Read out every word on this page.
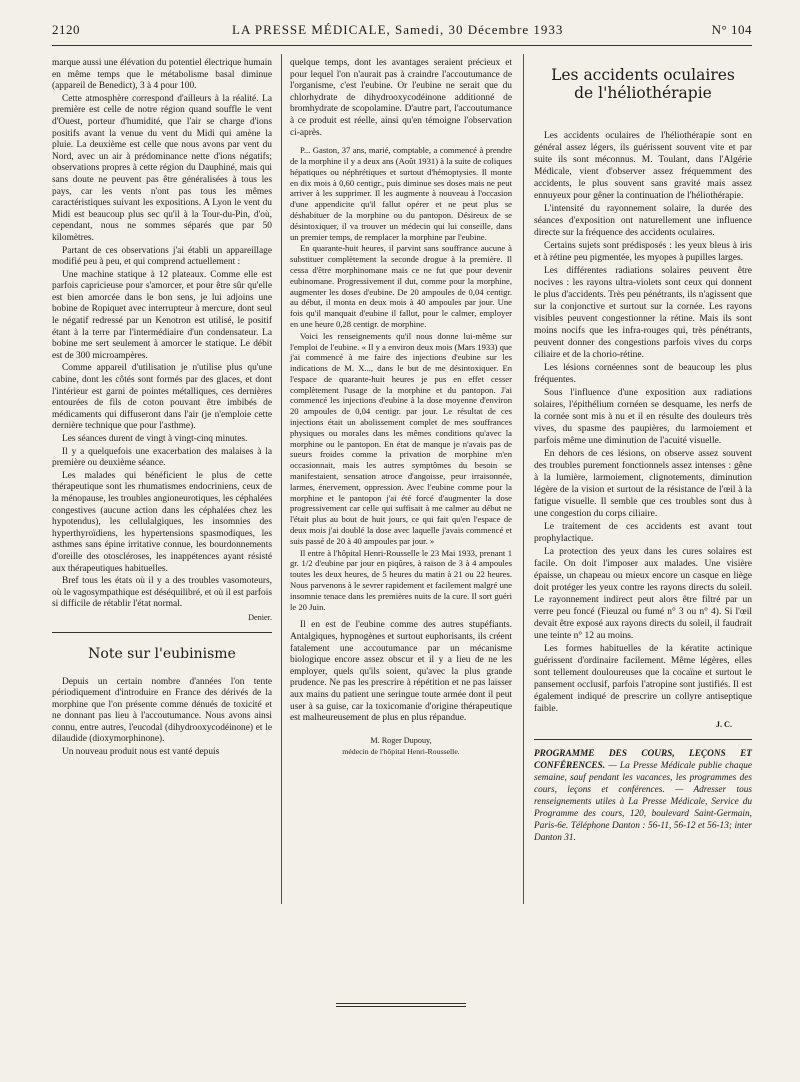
2120	LA PRESSE MÉDICALE, Samedi, 30 Décembre 1933	N° 104

marque aussi une élévation du potentiel électrique humain en même temps que le métabolisme basal diminue (appareil de Benedict), 3 à 4 pour 100.

Cette atmosphère correspond d'ailleurs à la réalité. La première est celle de notre région quand souffle le vent d'Ouest, porteur d'humidité, que l'air se charge d'ions positifs avant la venue du vent du Midi qui amène la pluie. La deuxième est celle que nous avons par vent du Nord, avec un air à prédominance nette d'ions négatifs; observations propres à cette région du Dauphiné, mais qui sans doute ne peuvent pas être généralisées à tous les pays, car les vents n'ont pas tous les mêmes caractéristiques suivant les expositions. A Lyon le vent du Midi est beaucoup plus sec qu'il à la Tour-du-Pin, d'où, cependant, nous ne sommes séparés que par 50 kilomètres.

Partant de ces observations j'ai établi un appareillage modifié peu à peu, et qui comprend actuellement :

Une machine statique à 12 plateaux. Comme elle est parfois capricieuse pour s'amorcer, et pour être sûr qu'elle est bien amorcée dans le bon sens, je lui adjoins une bobine de Ropiquet avec interrupteur à mercure, dont seul le négatif redressé par un Kenotron est utilisé, le positif étant à la terre par l'intermédiaire d'un condensateur. La bobine me sert seulement à amorcer le statique. Le débit est de 300 microampères.

Comme appareil d'utilisation je n'utilise plus qu'une cabine, dont les côtés sont formés par des glaces, et dont l'intérieur est garni de pointes métalliques, ces dernières entourées de fils de coton pouvant être imbibés de médicaments qui diffuseront dans l'air (je n'emploie cette dernière technique que pour l'asthme).

Les séances durent de vingt à vingt-cinq minutes.

Il y a quelquefois une exacerbation des malaises à la première ou deuxième séance.

Les malades qui bénéficient le plus de cette thérapeutique sont les rhumatismes endocriniens, ceux de la ménopause, les troubles angioneurotiques, les céphalées congestives (aucune action dans les céphalées chez les hypotendus), les cellulalgiques, les insomnies des hyperthyroïdiens, les hypertensions spasmodiques, les asthmes sans épine irritative connue, les bourdonnements d'oreille des otoscléroses, les inappétences ayant résisté aux thérapeutiques habituelles.

Bref tous les états où il y a des troubles vasomoteurs, où le vagosympathique est déséquilibré, et où il est parfois si difficile de rétablir l'état normal.

Denier.
Note sur l'eubinisme

Depuis un certain nombre d'années l'on tente périodiquement d'introduire en France des dérivés de la morphine que l'on présente comme dénués de toxicité et ne donnant pas lieu à l'accoutumance. Nous avons ainsi connu, entre autres, l'eucodal (dihydrooxycodéinone) et le dilaudide (dioxymorphinone).

Un nouveau produit nous est vanté depuis

quelque temps, dont les avantages seraient précieux et pour lequel l'on n'aurait pas à craindre l'accoutumance de l'organisme, c'est l'eubine. Or l'eubine ne serait que du chlorhydrate de dihydrooxycodéinone additionné de bromhydrate de scopolamine. D'autre part, l'accoutumance à ce produit est réelle, ainsi qu'en témoigne l'observation ci-après.

P... Gaston, 37 ans, marié, comptable, a commencé à prendre de la morphine il y a deux ans (Août 1931) à la suite de coliques hépatiques ou néphrétiques et surtout d'hémoptysies. Il monte en dix mois à 0,60 centigr., puis diminue ses doses mais ne peut arriver à les supprimer. Il les augmente à nouveau à l'occasion d'une appendicite qu'il fallut opérer et ne peut plus se déshabituer de la morphine ou du pantopon. Désireux de se désintoxiquer, il va trouver un médecin qui lui conseille, dans un premier temps, de remplacer la morphine par l'eubine.

En quarante-huit heures, il parvint sans souffrance aucune à substituer complètement la seconde drogue à la première. Il cessa d'être morphinomane mais ce ne fut que pour devenir eubinomane. Progressivement il dut, comme pour la morphine, augmenter les doses d'eubine. De 20 ampoules de 0,04 centigr. au début, il monta en deux mois à 40 ampoules par jour. Une fois qu'il manquait d'eubine il fallut, pour le calmer, employer en une heure 0,28 centigr. de morphine.

Voici les renseignements qu'il nous donne lui-même sur l'emploi de l'eubine. « Il y a environ deux mois (Mars 1933) que j'ai commencé à me faire des injections d'eubine sur les indications de M. X..., dans le but de me désintoxiquer. En l'espace de quarante-huit heures je pus en effet cesser complètement l'usage de la morphine et du pantopon. J'ai commencé les injections d'eubine à la dose moyenne d'environ 20 ampoules de 0,04 centigr. par jour. Le résultat de ces injections était un abolissement complet de mes souffrances physiques ou morales dans les mêmes conditions qu'avec la morphine ou le pantopon. En état de manque je n'avais pas de sueurs froides comme la privation de morphine m'en occasionnait, mais les autres symptômes du besoin se manifestaient, sensation atroce d'angoisse, peur irraisonnée, larmes, énervement, oppression. Avec l'eubine comme pour la morphine et le pantopon j'ai été forcé d'augmenter la dose progressivement car celle qui suffisait à me calmer au début ne l'était plus au bout de huit jours, ce qui fait qu'en l'espace de deux mois j'ai doublé la dose avec laquelle j'avais commencé et suis passé de 20 à 40 ampoules par jour. »

Il entre à l'hôpital Henri-Rousselle le 23 Mai 1933, prenant 1 gr. 1/2 d'eubine par jour en piqûres, à raison de 3 à 4 ampoules toutes les deux heures, de 5 heures du matin à 21 ou 22 heures. Nous parvenons à le sevrer rapidement et facilement malgré une insomnie tenace dans les premières nuits de la cure. Il sort guéri le 20 Juin.

Il en est de l'eubine comme des autres stupéfiants. Antalgiques, hypnogènes et surtout euphorisants, ils créent fatalement une accoutumance par un mécanisme biologique encore assez obscur et il y a lieu de ne les employer, quels qu'ils soient, qu'avec la plus grande prudence. Ne pas les prescrire à répétition et ne pas laisser aux mains du patient une seringue toute armée dont il peut user à sa guise, car la toxicomanie d'origine thérapeutique est malheureusement de plus en plus répandue.

M. Roger Dupouy,
médecin de l'hôpital Henri-Rousselle.
Les accidents oculaires
de l'héliothérapie

Les accidents oculaires de l'héliothérapie sont en général assez légers, ils guérissent souvent vite et par suite ils sont méconnus. M. Toulant, dans l'Algérie Médicale, vient d'observer assez fréquemment des accidents, le plus souvent sans gravité mais assez ennuyeux pour gêner la continuation de l'héliothérapie.

L'intensité du rayonnement solaire, la durée des séances d'exposition ont naturellement une influence directe sur la fréquence des accidents oculaires.

Certains sujets sont prédisposés : les yeux bleus à iris et à rétine peu pigmentée, les myopes à pupilles larges.

Les différentes radiations solaires peuvent être nocives : les rayons ultra-violets sont ceux qui donnent le plus d'accidents. Très peu pénétrants, ils n'agissent que sur la conjonctive et surtout sur la cornée. Les rayons visibles peuvent congestionner la rétine. Mais ils sont moins nocifs que les infra-rouges qui, très pénétrants, peuvent donner des congestions parfois vives du corps ciliaire et de la chorio-rétine.

Les lésions cornéennes sont de beaucoup les plus fréquentes.

Sous l'influence d'une exposition aux radiations solaires, l'épithélium cornéen se desquame, les nerfs de la cornée sont mis à nu et il en résulte des douleurs très vives, du spasme des paupières, du larmoiement et parfois même une diminution de l'acuité visuelle.

En dehors de ces lésions, on observe assez souvent des troubles purement fonctionnels assez intenses : gêne à la lumière, larmoiement, clignotements, diminution légère de la vision et surtout de la résistance de l'œil à la fatigue visuelle. Il semble que ces troubles sont dus à une congestion du corps ciliaire.

Le traitement de ces accidents est avant tout prophylactique.

La protection des yeux dans les cures solaires est facile. On doit l'imposer aux malades. Une visière épaisse, un chapeau ou mieux encore un casque en liège doit protéger les yeux contre les rayons directs du soleil. Le rayonnement indirect peut alors être filtré par un verre peu foncé (Fieuzal ou fumé n° 3 ou n° 4). Si l'œil devait être exposé aux rayons directs du soleil, il faudrait une teinte n° 12 au moins.

Les formes habituelles de la kératite actinique guérissent d'ordinaire facilement. Même légères, elles sont tellement douloureuses que la cocaïne et surtout le pansement occlusif, parfois l'atropine sont justifiés. Il est également indiqué de prescrire un collyre antiseptique faible.

J. C.
PROGRAMME DES COURS, LEÇONS ET CONFÉRENCES. — La Presse Médicale publie chaque semaine, sauf pendant les vacances, les programmes des cours, leçons et conférences. — Adresser tous renseignements utiles à La Presse Médicale, Service du Programme des cours, 120, boulevard Saint-Germain, Paris-6e. Téléphone Danton : 56-11, 56-12 et 56-13; inter Danton 31.
